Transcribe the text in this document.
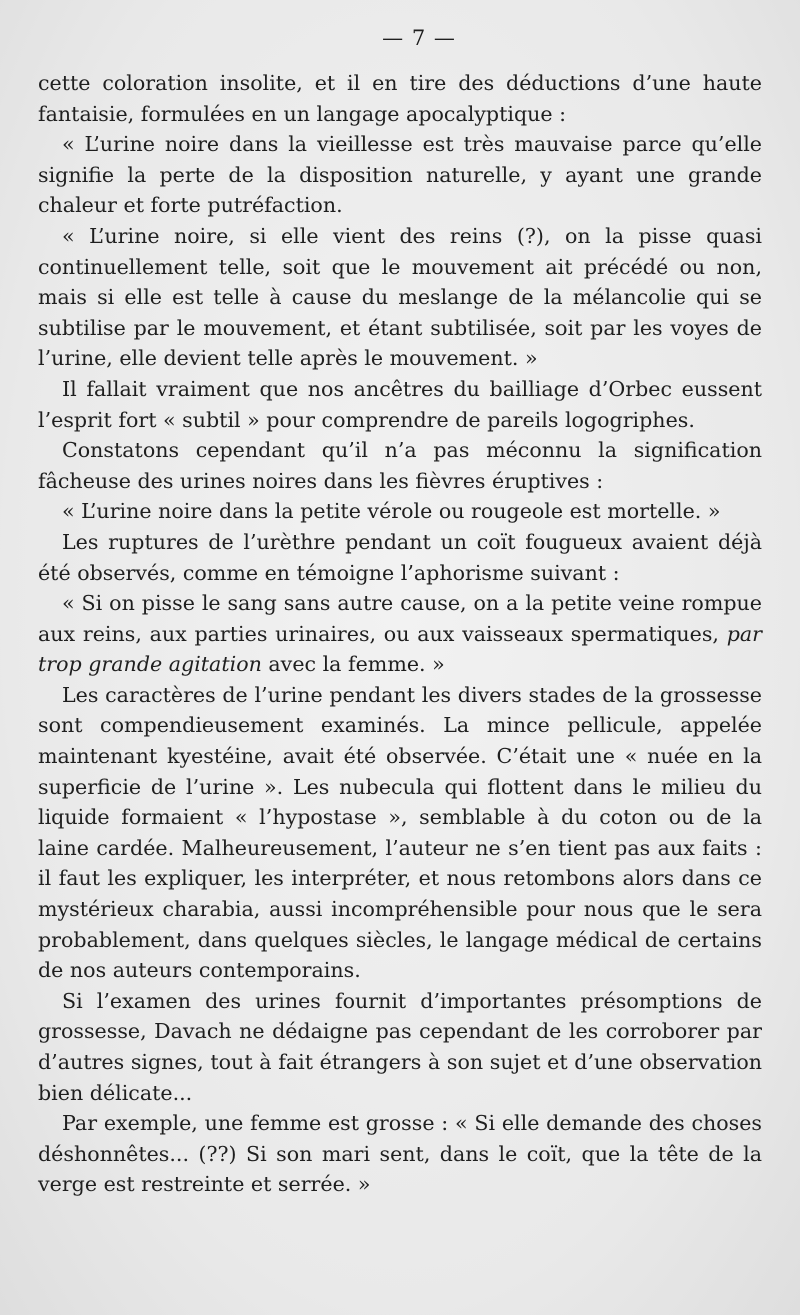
— 7 —

cette coloration insolite, et il en tire des déductions d’une haute fantaisie, formulées en un langage apocalyptique :

« L’urine noire dans la vieillesse est très mauvaise parce qu’elle signifie la perte de la disposition naturelle, y ayant une grande chaleur et forte putréfaction.

« L’urine noire, si elle vient des reins (?), on la pisse quasi continuellement telle, soit que le mouvement ait précédé ou non, mais si elle est telle à cause du meslange de la mélancolie qui se subtilise par le mouvement, et étant subtilisée, soit par les voyes de l’urine, elle devient telle après le mouvement. »

Il fallait vraiment que nos ancêtres du bailliage d’Orbec eussent l’esprit fort « subtil » pour comprendre de pareils logogriphes.

Constatons cependant qu’il n’a pas méconnu la signification fâcheuse des urines noires dans les fièvres éruptives :

« L’urine noire dans la petite vérole ou rougeole est mortelle. »

Les ruptures de l’urèthre pendant un coït fougueux avaient déjà été observés, comme en témoigne l’aphorisme suivant :

« Si on pisse le sang sans autre cause, on a la petite veine rompue aux reins, aux parties urinaires, ou aux vaisseaux spermatiques, par trop grande agitation avec la femme. »

Les caractères de l’urine pendant les divers stades de la grossesse sont compendieusement examinés. La mince pellicule, appelée maintenant kyestéine, avait été observée. C’était une « nuée en la superficie de l’urine ». Les nubecula qui flottent dans le milieu du liquide formaient « l’hypostase », semblable à du coton ou de la laine cardée. Malheureusement, l’auteur ne s’en tient pas aux faits : il faut les expliquer, les interpréter, et nous retombons alors dans ce mystérieux charabia, aussi incompréhensible pour nous que le sera probablement, dans quelques siècles, le langage médical de certains de nos auteurs contemporains.

Si l’examen des urines fournit d’importantes présomptions de grossesse, Davach ne dédaigne pas cependant de les corroborer par d’autres signes, tout à fait étrangers à son sujet et d’une observation bien délicate...

Par exemple, une femme est grosse : « Si elle demande des choses déshonnêtes... (??) Si son mari sent, dans le coït, que la tête de la verge est restreinte et serrée. »
